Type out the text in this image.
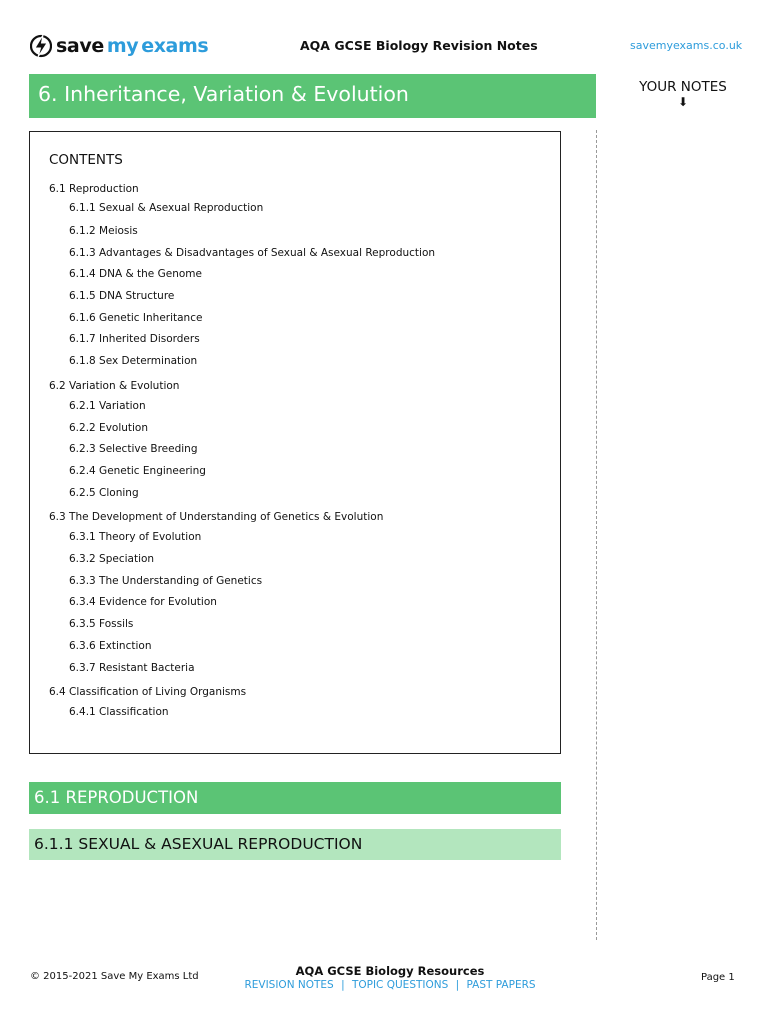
save my exams	AQA GCSE Biology Revision Notes	savemyexams.co.uk
6. Inheritance, Variation & Evolution	YOUR NOTES
⬇
CONTENTS
6.1 Reproduction
6.1.1 Sexual & Asexual Reproduction
6.1.2 Meiosis
6.1.3 Advantages & Disadvantages of Sexual & Asexual Reproduction
6.1.4 DNA & the Genome
6.1.5 DNA Structure
6.1.6 Genetic Inheritance
6.1.7 Inherited Disorders
6.1.8 Sex Determination
6.2 Variation & Evolution
6.2.1 Variation
6.2.2 Evolution
6.2.3 Selective Breeding
6.2.4 Genetic Engineering
6.2.5 Cloning
6.3 The Development of Understanding of Genetics & Evolution
6.3.1 Theory of Evolution
6.3.2 Speciation
6.3.3 The Understanding of Genetics
6.3.4 Evidence for Evolution
6.3.5 Fossils
6.3.6 Extinction
6.3.7 Resistant Bacteria
6.4 Classification of Living Organisms
6.4.1 Classification
6.1 REPRODUCTION
6.1.1 SEXUAL & ASEXUAL REPRODUCTION
© 2015-2021 Save My Exams Ltd	AQA GCSE Biology Resources
REVISION NOTES | TOPIC QUESTIONS | PAST PAPERS
Page 1
